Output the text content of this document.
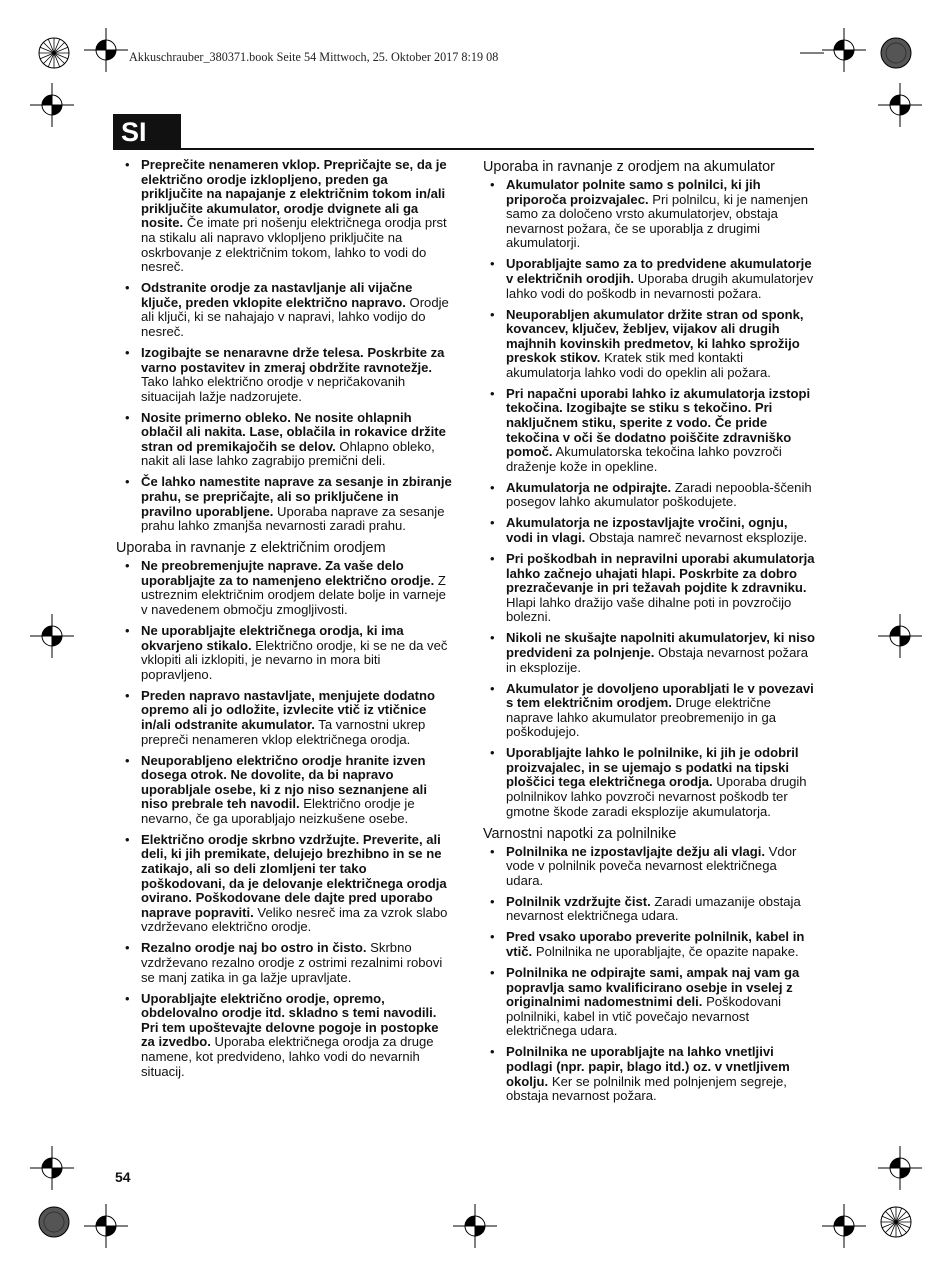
Akkuschrauber_380371.book Seite 54 Mittwoch, 25. Oktober 2017 8:19 08
SI
• Preprečite nenameren vklop. Prepričajte se, da je električno orodje izklopljeno, preden ga priključite na napajanje z električnim tokom in/ali priključite akumulator, orodje dvignete ali ga nosite. Če imate pri nošenju električnega orodja prst na stikalu ali napravo vklopljeno priključite na oskrbovanje z električnim tokom, lahko to vodi do nesreč.
• Odstranite orodje za nastavljanje ali vijačne ključe, preden vklopite električno napravo. Orodje ali ključi, ki se nahajajo v napravi, lahko vodijo do nesreč.
• Izogibajte se nenaravne drže telesa. Poskrbite za varno postavitev in zmeraj obdržite ravnotežje. Tako lahko električno orodje v nepričakovanih situacijah lažje nadzorujete.
• Nosite primerno obleko. Ne nosite ohlapnih oblačil ali nakita. Lase, oblačila in rokavice držite stran od premikajočih se delov. Ohlapno obleko, nakit ali lase lahko zagrabijo premični deli.
• Če lahko namestite naprave za sesanje in zbiranje prahu, se prepričajte, ali so priključene in pravilno uporabljene. Uporaba naprave za sesanje prahu lahko zmanjša nevarnosti zaradi prahu.
Uporaba in ravnanje z električnim orodjem
• Ne preobremenjujte naprave. Za vaše delo uporabljajte za to namenjeno električno orodje. Z ustreznim električnim orodjem delate bolje in varneje v navedenem območju zmogljivosti.
• Ne uporabljajte električnega orodja, ki ima okvarjeno stikalo. Električno orodje, ki se ne da več vklopiti ali izklopiti, je nevarno in mora biti popravljeno.
• Preden napravo nastavljate, menjujete dodatno opremo ali jo odložite, izvlecite vtič iz vtičnice in/ali odstranite akumulator. Ta varnostni ukrep prepreči nenameren vklop električnega orodja.
• Neuporabljeno električno orodje hranite izven dosega otrok. Ne dovolite, da bi napravo uporabljale osebe, ki z njo niso seznanjene ali niso prebrale teh navodil. Električno orodje je nevarno, če ga uporabljajo neizkušene osebe.
• Električno orodje skrbno vzdržujte. Preverite, ali deli, ki jih premikate, delujejo brezhibno in se ne zatikajo, ali so deli zlomljeni ter tako poškodovani, da je delovanje električnega orodja ovirano. Poškodovane dele dajte pred uporabo naprave popraviti. Veliko nesreč ima za vzrok slabo vzdrževano električno orodje.
• Rezalno orodje naj bo ostro in čisto. Skrbno vzdrževano rezalno orodje z ostrimi rezalnimi robovi se manj zatika in ga lažje upravljate.
• Uporabljajte električno orodje, opremo, obdelovalno orodje itd. skladno s temi navodili. Pri tem upoštevajte delovne pogoje in postopke za izvedbo. Uporaba električnega orodja za druge namene, kot predvideno, lahko vodi do nevarnih situacij.
Uporaba in ravnanje z orodjem na akumulator
• Akumulator polnite samo s polnilci, ki jih priporoča proizvajalec. Pri polnilcu, ki je namenjen samo za določeno vrsto akumulatorjev, obstaja nevarnost požara, če se uporablja z drugimi akumulatorji.
• Uporabljajte samo za to predvidene akumulatorje v električnih orodjih. Uporaba drugih akumulatorjev lahko vodi do poškodb in nevarnosti požara.
• Neuporabljen akumulator držite stran od sponk, kovancev, ključev, žebljev, vijakov ali drugih majhnih kovinskih predmetov, ki lahko sprožijo preskok stikov. Kratek stik med kontakti akumulatorja lahko vodi do opeklin ali požara.
• Pri napačni uporabi lahko iz akumulatorja izstopi tekočina. Izogibajte se stiku s tekočino. Pri naključnem stiku, sperite z vodo. Če pride tekočina v oči še dodatno poiščite zdravniško pomoč. Akumulatorska tekočina lahko povzroči draženje kože in opekline.
• Akumulatorja ne odpirajte. Zaradi nepoobla-ščenih posegov lahko akumulator poškodujete.
• Akumulatorja ne izpostavljajte vročini, ognju, vodi in vlagi. Obstaja namreč nevarnost eksplozije.
• Pri poškodbah in nepravilni uporabi akumulatorja lahko začnejo uhajati hlapi. Poskrbite za dobro prezračevanje in pri težavah pojdite k zdravniku. Hlapi lahko dražijo vaše dihalne poti in povzročijo bolezni.
• Nikoli ne skušajte napolniti akumulatorjev, ki niso predvideni za polnjenje. Obstaja nevarnost požara in eksplozije.
• Akumulator je dovoljeno uporabljati le v povezavi s tem električnim orodjem. Druge električne naprave lahko akumulator preobremenijo in ga poškodujejo.
• Uporabljajte lahko le polnilnike, ki jih je odobril proizvajalec, in se ujemajo s podatki na tipski ploščici tega električnega orodja. Uporaba drugih polnilnikov lahko povzroči nevarnost poškodb ter gmotne škode zaradi eksplozije akumulatorja.
Varnostni napotki za polnilnike
• Polnilnika ne izpostavljajte dežju ali vlagi. Vdor vode v polnilnik poveča nevarnost električnega udara.
• Polnilnik vzdržujte čist. Zaradi umazanije obstaja nevarnost električnega udara.
• Pred vsako uporabo preverite polnilnik, kabel in vtič. Polnilnika ne uporabljajte, če opazite napake.
• Polnilnika ne odpirajte sami, ampak naj vam ga popravlja samo kvalificirano osebje in vselej z originalnimi nadomestnimi deli. Poškodovani polnilniki, kabel in vtič povečajo nevarnost električnega udara.
• Polnilnika ne uporabljajte na lahko vnetljivi podlagi (npr. papir, blago itd.) oz. v vnetljivem okolju. Ker se polnilnik med polnjenjem segreje, obstaja nevarnost požara.
54
